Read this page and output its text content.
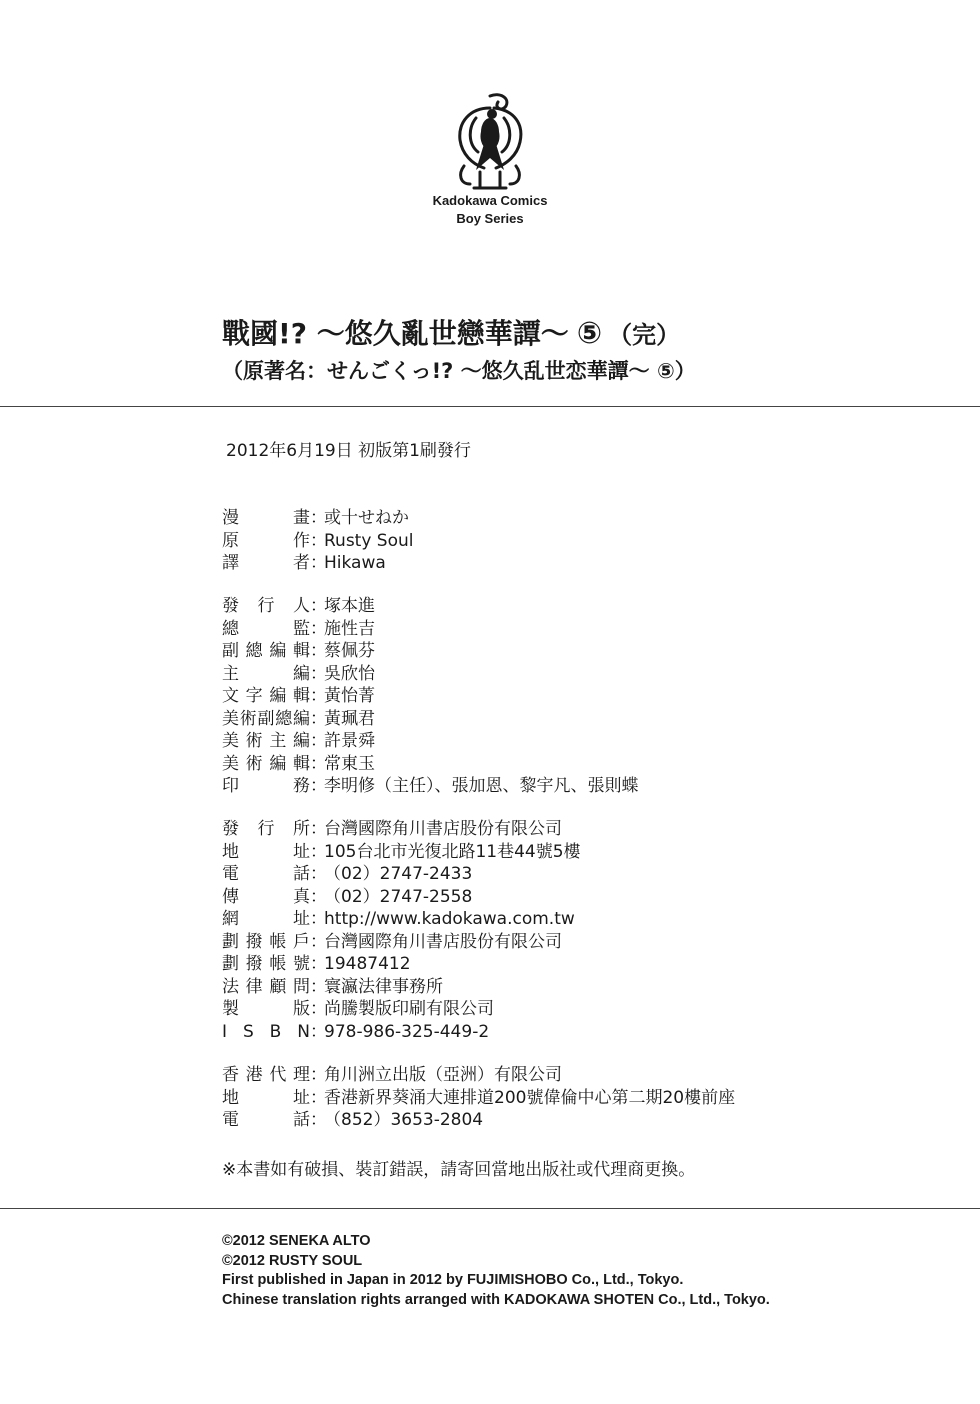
Kadokawa Comics
Boy Series
戰國!? ～悠久亂世戀華譚～ ⑤ （完）
（原著名：せんごくっ!? ～悠久乱世恋華譚～ ⑤）
2012年6月19日 初版第1刷發行
漫	畫 ：
或十せねか
原	作 ：
Rusty Soul
譯	者 ：
Hikawa
發 行 人 ：
塚本進
總	監 ：
施性吉
副 總 編 輯 ：
蔡佩芬
主	編 ：
吳欣怡
文 字 編 輯 ：
黃怡菁
美 術 副 總 編 ：
黃珮君
美 術 主 編 ：
許景舜
美 術 編 輯 ：
常東玉
印	務 ：
李明修（主任）、張加恩、黎宇凡、張則蝶
發 行 所 ：
台灣國際角川書店股份有限公司
地	址 ：
105台北市光復北路11巷44號5樓
電	話 ：
（02）2747-2433
傳	真 ：
（02）2747-2558
網	址 ：
http://www.kadokawa.com.tw
劃 撥 帳 戶 ：
台灣國際角川書店股份有限公司
劃 撥 帳 號 ：
19487412
法 律 顧 問 ：
寰瀛法律事務所
製	版 ：
尚騰製版印刷有限公司
I S B N ：
978-986-325-449-2
香 港 代 理 ：
角川洲立出版（亞洲）有限公司
地	址 ：
香港新界葵涌大連排道200號偉倫中心第二期20樓前座
電	話 ：
（852）3653-2804
※本書如有破損、裝訂錯誤，請寄回當地出版社或代理商更換。
©2012 SENEKA ALTO
©2012 RUSTY SOUL
First published in Japan in 2012 by FUJIMISHOBO Co., Ltd., Tokyo.
Chinese translation rights arranged with KADOKAWA SHOTEN Co., Ltd., Tokyo.
